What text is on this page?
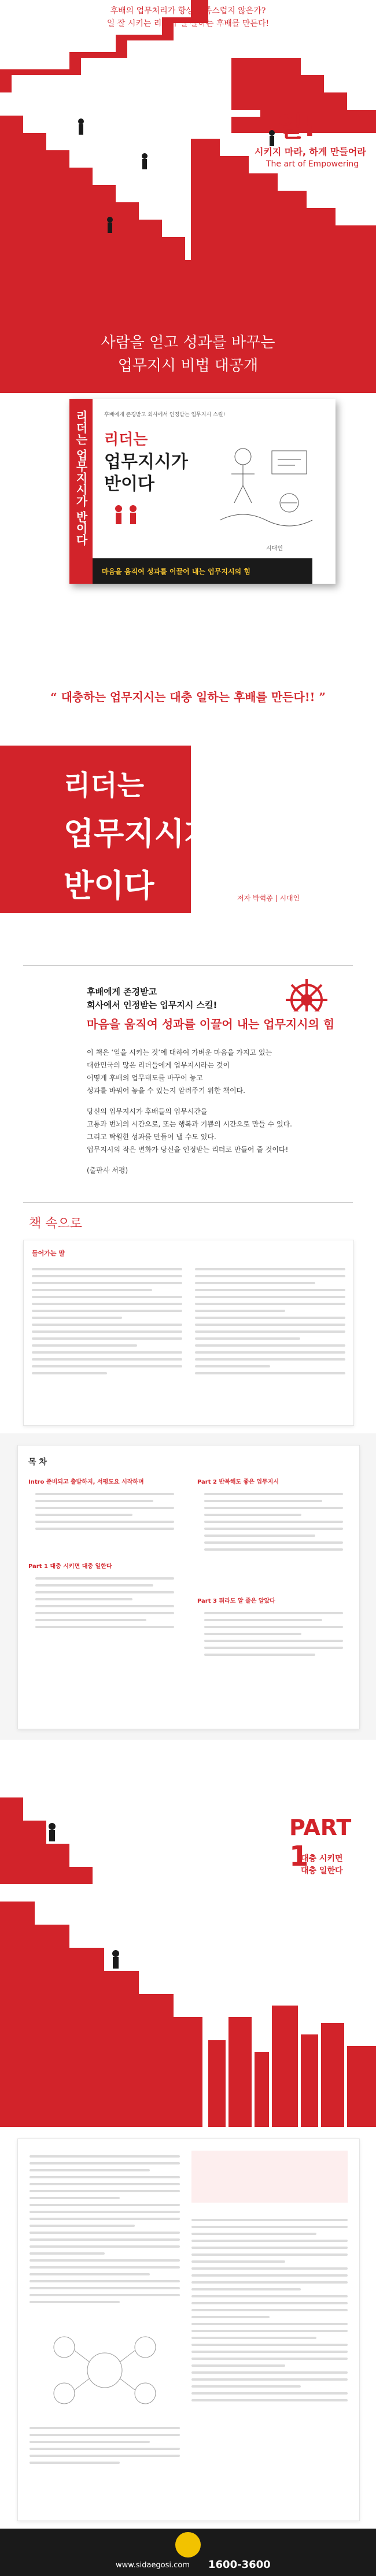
후배의 업무처리가 항상 만족스럽지 않은가?
일 잘 시키는 리더가 일 잘하는 후배를 만든다!
일!
시키지 마라, 하게 만들어라
The art of Empowering
사람을 얻고 성과를 바꾸는
업무지시 비법 대공개
리더는 업무지시가 반이다	후배에게 존경받고 회사에서 인정받는 업무지시 스킬!
리더는
업무지시가
반이다
마음을 움직여 성과를 이끌어 내는 업무지시의 힘
시대인
“ 대충하는 업무지시는 대충 일하는 후배를 만든다!! ”
리더는
업무지시가
반이다	저자 박혁종 | 시대인
후배에게 존경받고
회사에서 인정받는 업무지시 스킬!
마음을 움직여 성과를 이끌어 내는 업무지시의 힘
이 책은 ‘일을 시키는 것’에 대하여 가벼운 마음을 가지고 있는
대한민국의 많은 리더들에게 업무지시라는 것이
어떻게 후배의 업무태도를 바꾸어 놓고
성과를 바꿔어 놓을 수 있는지 알려주기 위한 책이다.
당신의 업무지시가 후배들의 업무시간을
고통과 번뇌의 시간으로, 또는 행복과 기쁨의 시간으로 만들 수 있다.
그리고 탁월한 성과를 만들어 낼 수도 있다.
업무지시의 작은 변화가 당신을 인정받는 리더로 만들어 줄 것이다!
(출판사 서평)
책 속으로
들어가는 말
목 차
Intro 준비되고 출발하지, 서평도요 시작하며
Part 1 대충 시키면 대충 일한다
Part 2 반복해도 좋은 업무지시
Part 3 뭐라도 알 줄은 알았다
PART 1
대충 시키면
대충 일한다
www.sidaegosi.com 1600-3600
